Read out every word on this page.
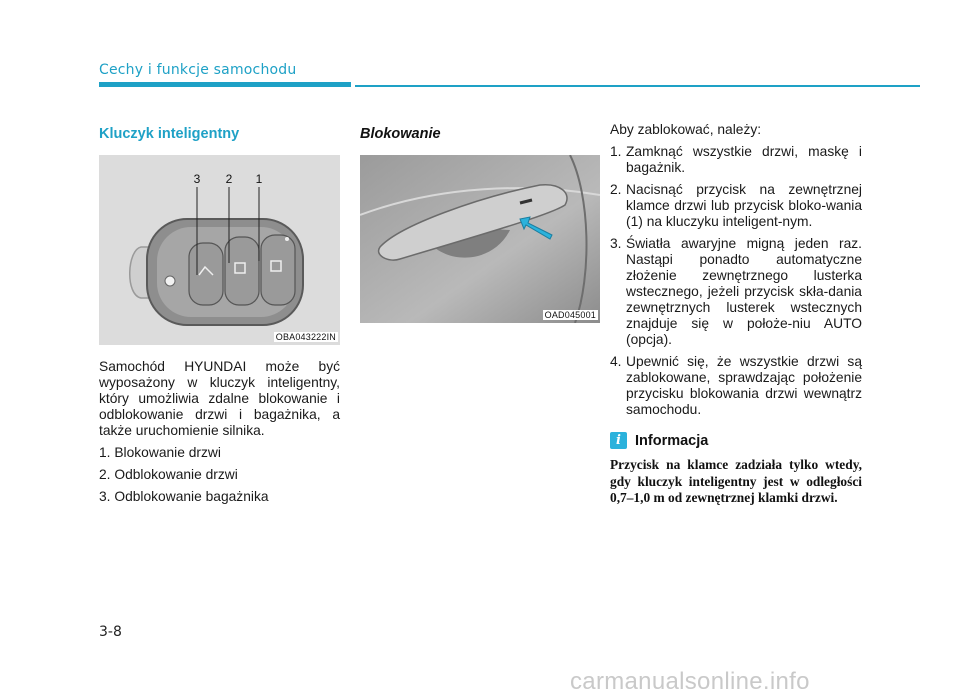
Cechy i funkcje samochodu
Kluczyk inteligentny
3 2 1
OBA043222IN

Samochód HYUNDAI może być wyposażony w kluczyk inteligentny, który umożliwia zdalne blokowanie i odblokowanie drzwi i bagażnika, a także uruchomienie silnika.

1. Blokowanie drzwi
2. Odblokowanie drzwi
3. Odblokowanie bagażnika
Blokowanie
OAD045001

Aby zablokować, należy:

1. Zamknąć wszystkie drzwi, maskę i bagażnik.
2. Nacisnąć przycisk na zewnętrznej klamce drzwi lub przycisk bloko-wania (1) na kluczyku inteligent-nym.
3. Światła awaryjne migną jeden raz. Nastąpi ponadto automatyczne złożenie zewnętrznego lusterka wstecznego, jeżeli przycisk skła-dania zewnętrznych lusterek wstecznych znajduje się w położe-niu AUTO (opcja).
4. Upewnić się, że wszystkie drzwi są zablokowane, sprawdzając położenie przycisku blokowania drzwi wewnątrz samochodu.
i Informacja
Przycisk na klamce zadziała tylko wtedy, gdy kluczyk inteligentny jest w odległości 0,7–1,0 m od zewnętrznej klamki drzwi.
3-8
carmanualsonline.info
